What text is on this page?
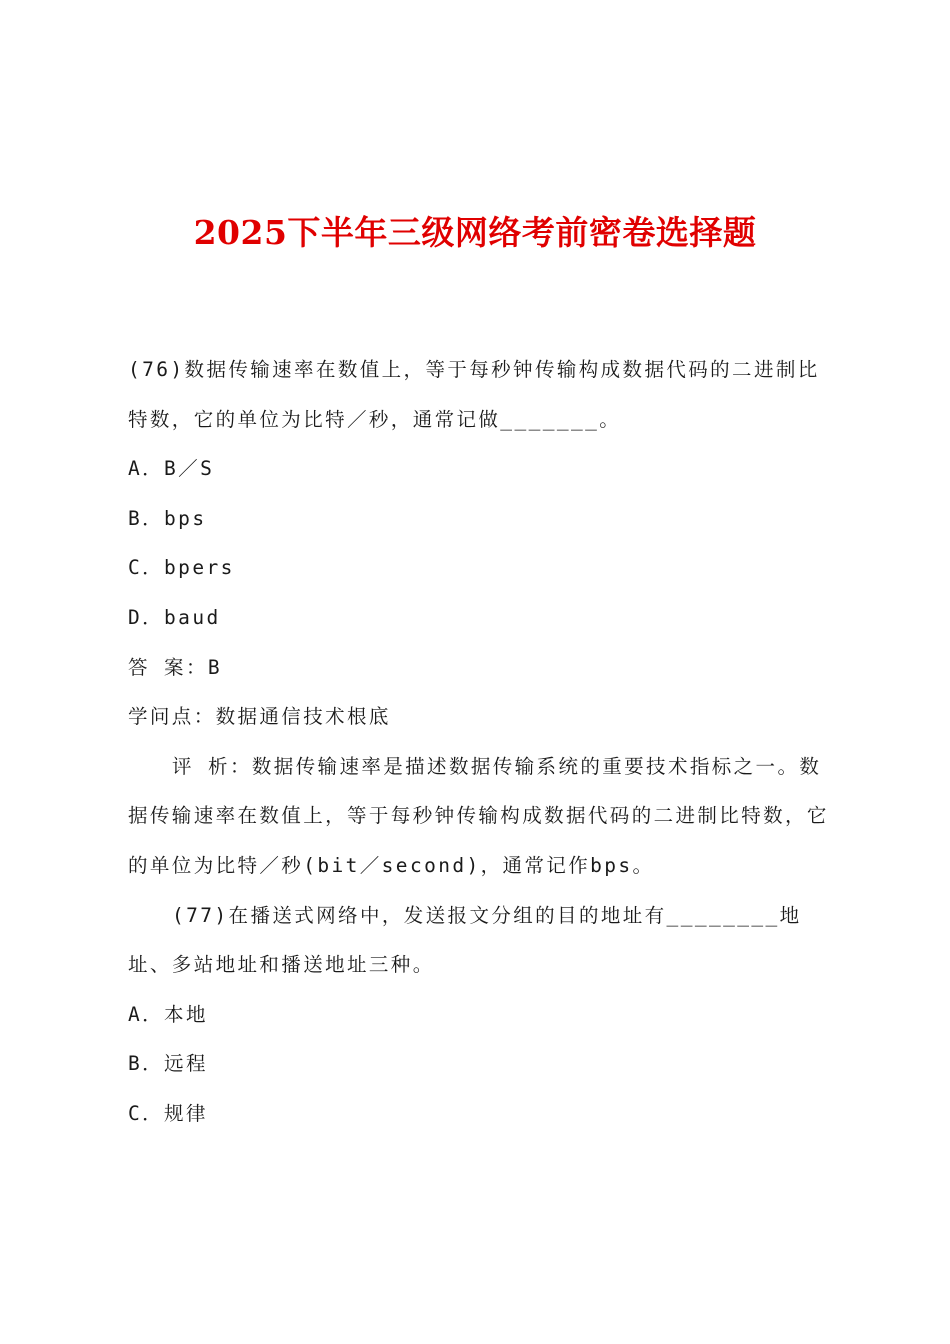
2025下半年三级网络考前密卷选择题

(76)数据传输速率在数值上，等于每秒钟传输构成数据代码的二进制比特数，它的单位为比特／秒，通常记做_______。

A．B／S

B．bps

C．bpers

D．baud

答 案：B

学问点：数据通信技术根底

评 析：数据传输速率是描述数据传输系统的重要技术指标之一。数据传输速率在数值上，等于每秒钟传输构成数据代码的二进制比特数，它的单位为比特／秒(bit／second)，通常记作bps。

(77)在播送式网络中，发送报文分组的目的地址有________地址、多站地址和播送地址三种。

A．本地

B．远程

C．规律
